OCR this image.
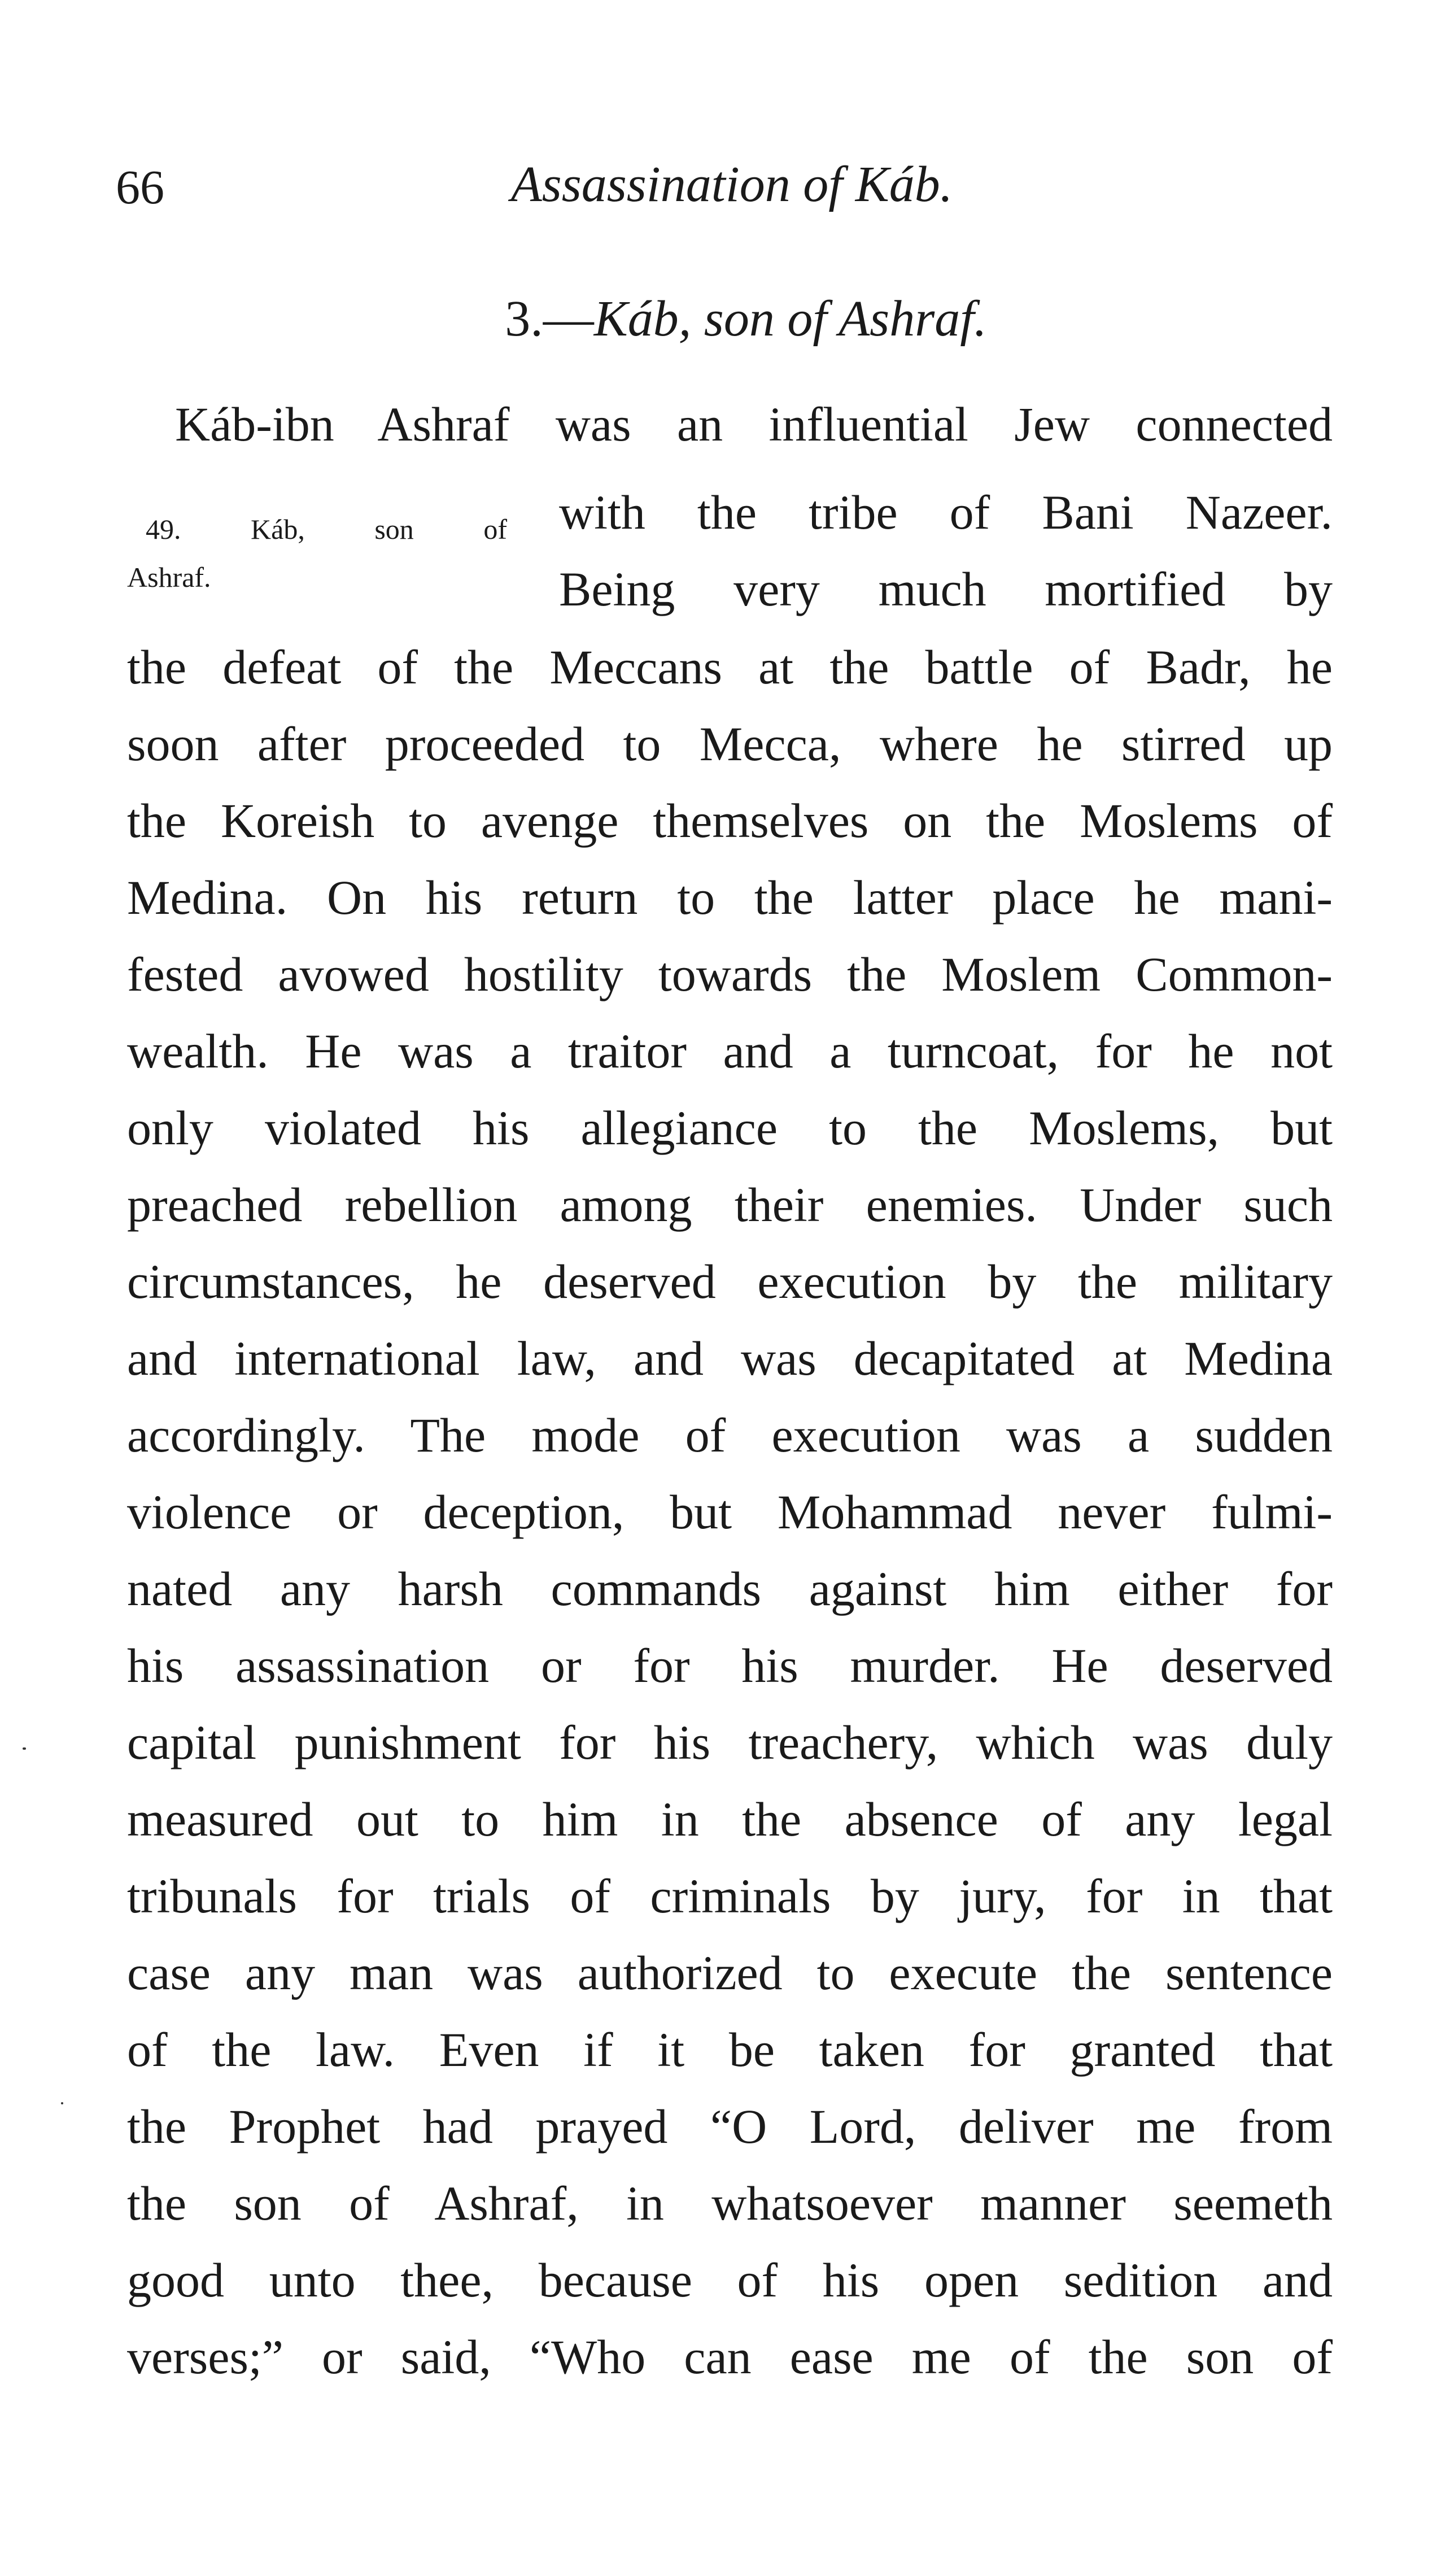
66	Assassination of Káb.
3.—Káb, son of Ashraf.
Káb-ibn Ashraf was an influential Jew connected
49. Káb, son of with the tribe of Bani Nazeer.
Ashraf.	Being very much mortified by
the defeat of the Meccans at the battle of Badr, he
soon after proceeded to Mecca, where he stirred up
the Koreish to avenge themselves on the Moslems of
Medina. On his return to the latter place he mani-
fested avowed hostility towards the Moslem Common-
wealth. He was a traitor and a turncoat, for he not
only violated his allegiance to the Moslems, but
preached rebellion among their enemies. Under such
circumstances, he deserved execution by the military
and international law, and was decapitated at Medina
accordingly. The mode of execution was a sudden
violence or deception, but Mohammad never fulmi-
nated any harsh commands against him either for
his assassination or for his murder. He deserved
capital punishment for his treachery, which was duly
measured out to him in the absence of any legal
tribunals for trials of criminals by jury, for in that
case any man was authorized to execute the sentence
of the law. Even if it be taken for granted that
the Prophet had prayed “O Lord, deliver me from
the son of Ashraf, in whatsoever manner seemeth
good unto thee, because of his open sedition and
verses;” or said, “Who can ease me of the son of
